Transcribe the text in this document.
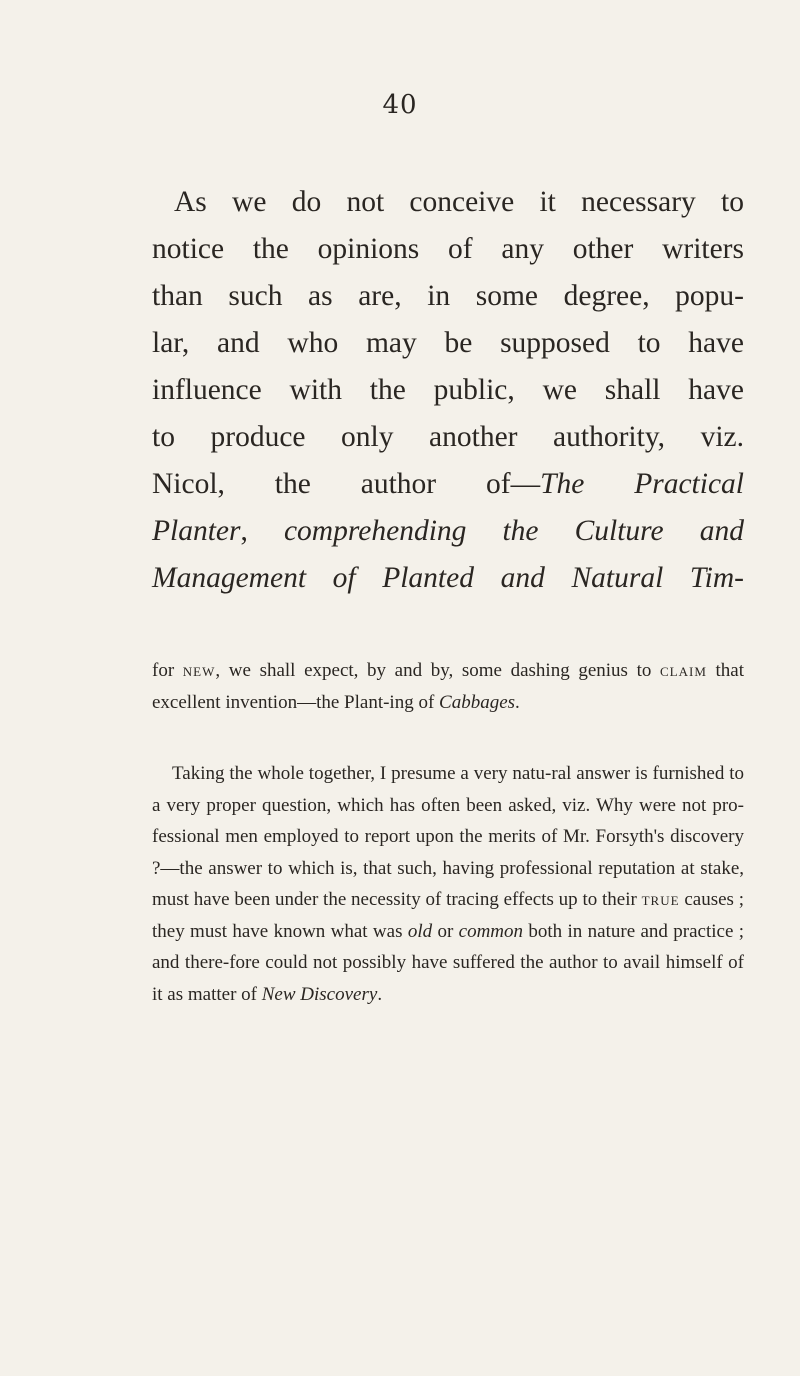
40

As we do not conceive it necessary to

notice the opinions of any other writers

than such as are, in some degree, popu-

lar, and who may be supposed to have

influence with the public, we shall have

to produce only another authority, viz.

Nicol, the author of—The Practical

Planter, comprehending the Culture and

Management of Planted and Natural Tim-

for new, we shall expect, by and by, some dashing genius to claim that excellent invention—the Plant-ing of Cabbages.

Taking the whole together, I presume a very natu-ral answer is furnished to a very proper question, which has often been asked, viz. Why were not pro-fessional men employed to report upon the merits of Mr. Forsyth's discovery ?—the answer to which is, that such, having professional reputation at stake, must have been under the necessity of tracing effects up to their true causes ; they must have known what was old or common both in nature and practice ; and there-fore could not possibly have suffered the author to avail himself of it as matter of New Discovery.
